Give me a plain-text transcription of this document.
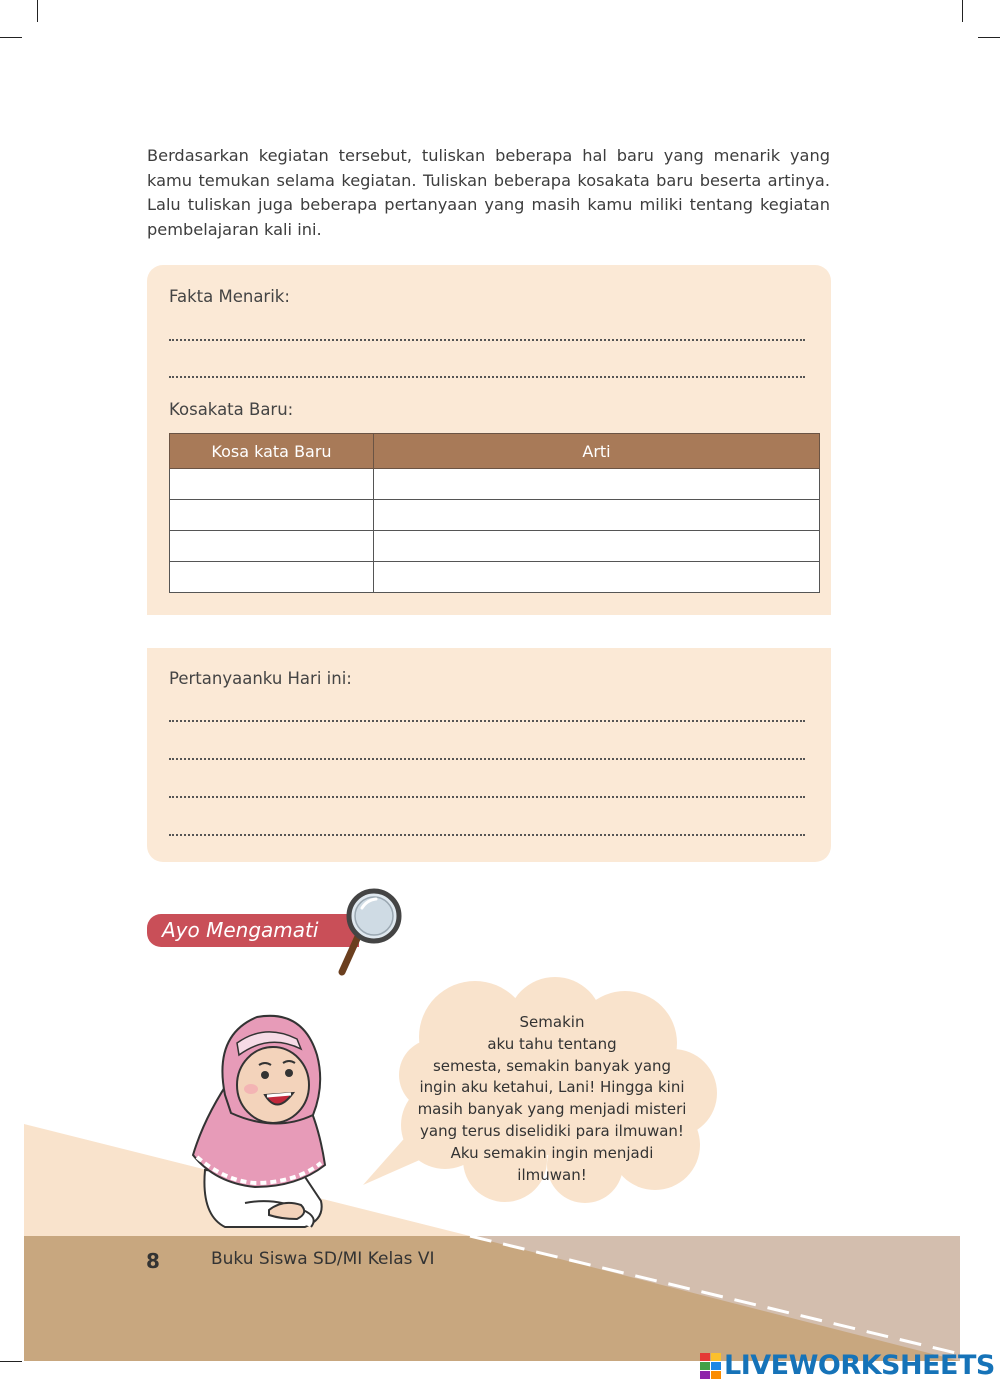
Berdasarkan kegiatan tersebut, tuliskan beberapa hal baru yang menarik yang kamu temukan selama kegiatan. Tuliskan beberapa kosakata baru beserta artinya. Lalu tuliskan juga beberapa pertanyaan yang masih kamu miliki tentang kegiatan pembelajaran kali ini.
Fakta Menarik:
Kosakata Baru:
Kosa kata Baru	Arti

Pertanyaanku Hari ini:
Ayo Mengamati
8	Buku Siswa SD/MI Kelas VI
Semakin
aku tahu tentang
semesta, semakin banyak yang
ingin aku ketahui, Lani! Hingga kini
masih banyak yang menjadi misteri
yang terus diselidiki para ilmuwan!
Aku semakin ingin menjadi
ilmuwan!
LIVEWORKSHEETS
